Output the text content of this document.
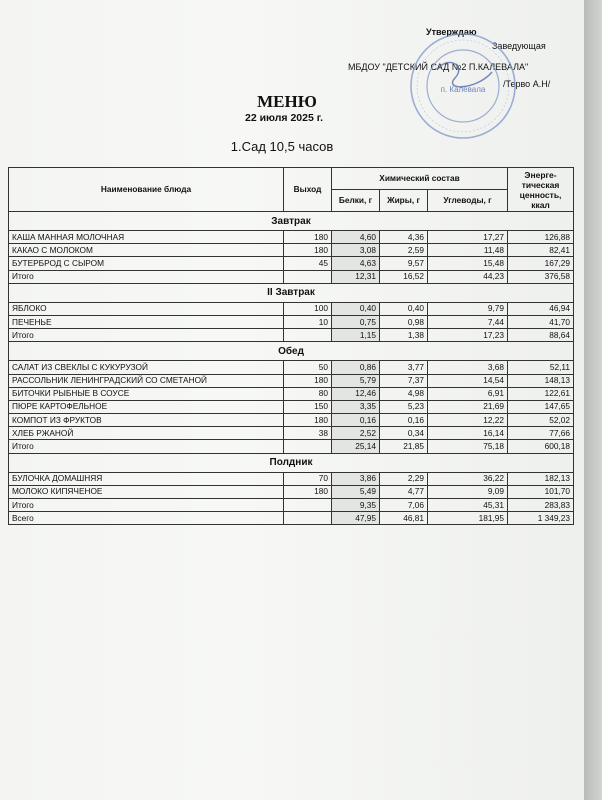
Утверждаю
Заведующая
МБДОУ "ДЕТСКИЙ САД №2 П.КАЛЕВАЛА"
/Терво А.Н/
п. Калевала
МЕНЮ
22 июля 2025 г.
1.Сад 10,5 часов
Наименование блюда	Выход	Химический состав			Энерге-тическая ценность, ккал
		Белки, г	Жиры, г	Углеводы, г	
Завтрак					
КАША МАННАЯ МОЛОЧНАЯ	180	4,60	4,36	17,27	126,88
КАКАО С МОЛОКОМ	180	3,08	2,59	11,48	82,41
БУТЕРБРОД С СЫРОМ	45	4,63	9,57	15,48	167,29
Итого		12,31	16,52	44,23	376,58
II Завтрак					
ЯБЛОКО	100	0,40	0,40	9,79	46,94
ПЕЧЕНЬЕ	10	0,75	0,98	7,44	41,70
Итого		1,15	1,38	17,23	88,64
Обед					
САЛАТ ИЗ СВЕКЛЫ С КУКУРУЗОЙ	50	0,86	3,77	3,68	52,11
РАССОЛЬНИК ЛЕНИНГРАДСКИЙ СО СМЕТАНОЙ	180	5,79	7,37	14,54	148,13
БИТОЧКИ РЫБНЫЕ В СОУСЕ	80	12,46	4,98	6,91	122,61
ПЮРЕ КАРТОФЕЛЬНОЕ	150	3,35	5,23	21,69	147,65
КОМПОТ ИЗ ФРУКТОВ	180	0,16	0,16	12,22	52,02
ХЛЕБ РЖАНОЙ	38	2,52	0,34	16,14	77,66
Итого		25,14	21,85	75,18	600,18
Полдник					
БУЛОЧКА ДОМАШНЯЯ	70	3,86	2,29	36,22	182,13
МОЛОКО КИПЯЧЕНОЕ	180	5,49	4,77	9,09	101,70
Итого		9,35	7,06	45,31	283,83
Всего		47,95	46,81	181,95	1 349,23
